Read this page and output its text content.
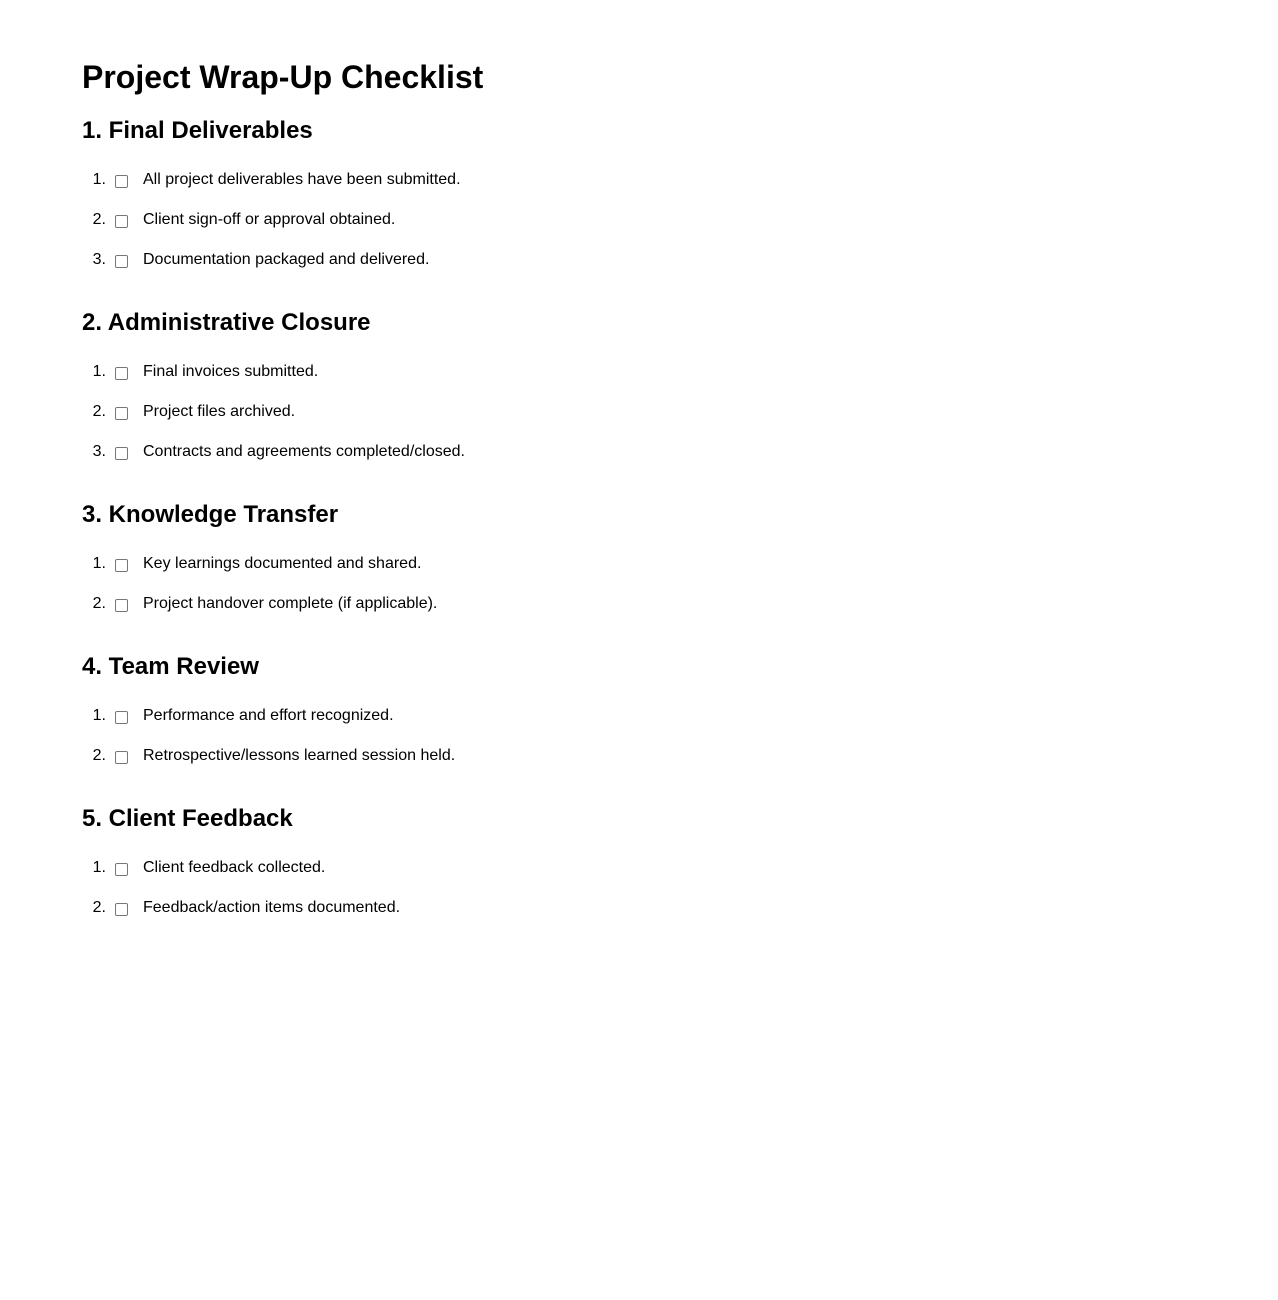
Project Wrap-Up Checklist
1. Final Deliverables
1. All project deliverables have been submitted.
2. Client sign-off or approval obtained.
3. Documentation packaged and delivered.
2. Administrative Closure
1. Final invoices submitted.
2. Project files archived.
3. Contracts and agreements completed/closed.
3. Knowledge Transfer
1. Key learnings documented and shared.
2. Project handover complete (if applicable).
4. Team Review
1. Performance and effort recognized.
2. Retrospective/lessons learned session held.
5. Client Feedback
1. Client feedback collected.
2. Feedback/action items documented.
